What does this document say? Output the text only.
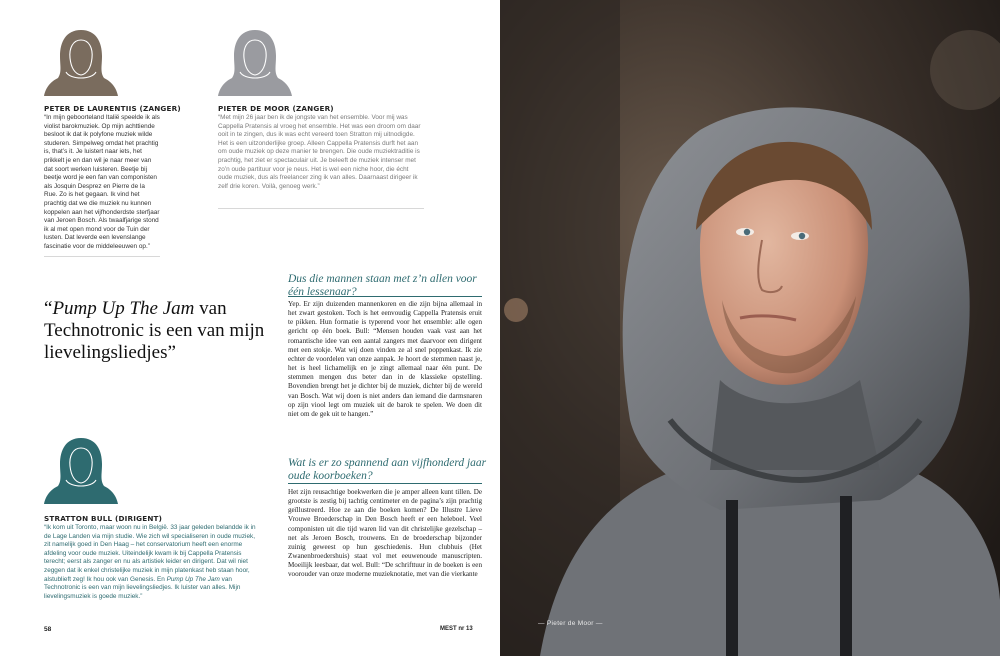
PETER DE LAURENTIIS (ZANGER)
“In mijn geboorteland Italië speelde ik als violist barokmuziek. Op mijn achttiende besloot ik dat ik polyfone muziek wilde studeren. Simpelweg omdat het prachtig is, that’s it. Je luistert naar iets, het prikkelt je en dan wil je naar meer van dat soort werken luisteren. Beetje bij beetje word je een fan van componisten als Josquin Desprez en Pierre de la Rue. Zo is het gegaan. Ik vind het prachtig dat we die muziek nu kunnen koppelen aan het vijfhonderdste sterfjaar van Jeroen Bosch. Als twaalfjarige stond ik al met open mond voor de Tuin der lusten. Dat leverde een levenslange fascinatie voor de middeleeuwen op.”
PIETER DE MOOR (ZANGER)
“Met mijn 26 jaar ben ik de jongste van het ensemble. Voor mij was Cappella Pratensis al vroeg het ensemble. Het was een droom om daar ooit in te zingen, dus ik was echt vereerd toen Stratton mij uitnodigde. Het is een uitzonderlijke groep. Alleen Cappella Pratensis durft het aan om oude muziek op deze manier te brengen. Die oude muziektraditie is prachtig, het ziet er spectaculair uit. Je beleeft de muziek intenser met zo’n oude partituur voor je neus. Het is wel een niche hoor, die écht oude muziek, dus als freelancer zing ik van alles. Daarnaast dirigeer ik zelf drie koren. Voilà, genoeg werk.”
“Pump Up The Jam van Technotronic is een van mijn lievelingsliedjes”
STRATTON BULL (DIRIGENT)
“Ik kom uit Toronto, maar woon nu in België. 33 jaar geleden belandde ik in de Lage Landen via mijn studie. Wie zich wil specialiseren in oude muziek, zit namelijk goed in Den Haag – het conservatorium heeft een enorme afdeling voor oude muziek. Uiteindelijk kwam ik bij Cappella Pratensis terecht; eerst als zanger en nu als artistiek leider en dirigent. Dat wil niet zeggen dat ik enkel christelijke muziek in mijn platenkast heb staan hoor, alstublieft zeg! Ik hou ook van Genesis. En Pump Up The Jam van Technotronic is een van mijn lievelingsliedjes. Ik luister van alles. Mijn lievelingsmuziek is goede muziek.”
Dus die mannen staan met z’n allen voor één lessenaar?
Yep. Er zijn duizenden mannenkoren en die zijn bijna allemaal in het zwart gestoken. Toch is het eenvoudig Cappella Pratensis eruit te pikken. Hun formatie is typerend voor het ensemble: alle ogen gericht op één boek. Bull: “Mensen houden vaak vast aan het romantische idee van een aantal zangers met daarvoor een dirigent met een stokje. Wat wij doen vinden ze al snel poppenkast. Ik zie echter de voordelen van onze aanpak. Je hoort de stemmen naast je, het is heel lichamelijk en je zingt allemaal naar één punt. De stemmen mengen dus beter dan in de klassieke opstelling. Bovendien brengt het je dichter bij de muziek, dichter bij de wereld van Bosch. Wat wij doen is niet anders dan iemand die darmsnaren op zijn viool legt om muziek uit de barok te spelen. We doen dit niet om de gek uit te hangen.”
Wat is er zo spannend aan vijfhonderd jaar oude koorboeken?
Het zijn reusachtige boekwerken die je amper alleen kunt tillen. De grootste is zestig bij tachtig centimeter en de pagina’s zijn prachtig geïllustreerd. Hoe ze aan die boeken komen? De Illustre Lieve Vrouwe Broederschap in Den Bosch heeft er een heleboel. Veel componisten uit die tijd waren lid van dit christelijke gezelschap – net als Jeroen Bosch, trouwens. En de broederschap bijzonder zuinig geweest op hun geschiedenis. Hun clubhuis (Het Zwanenbroedershuis) staat vol met eeuwenoude manuscripten. Moeilijk leesbaar, dat wel. Bull: “De schrifttuur in de boeken is een voorouder van onze moderne muzieknotatie, met van die vierkante
58	MEST nr 13
— Pieter de Moor —
